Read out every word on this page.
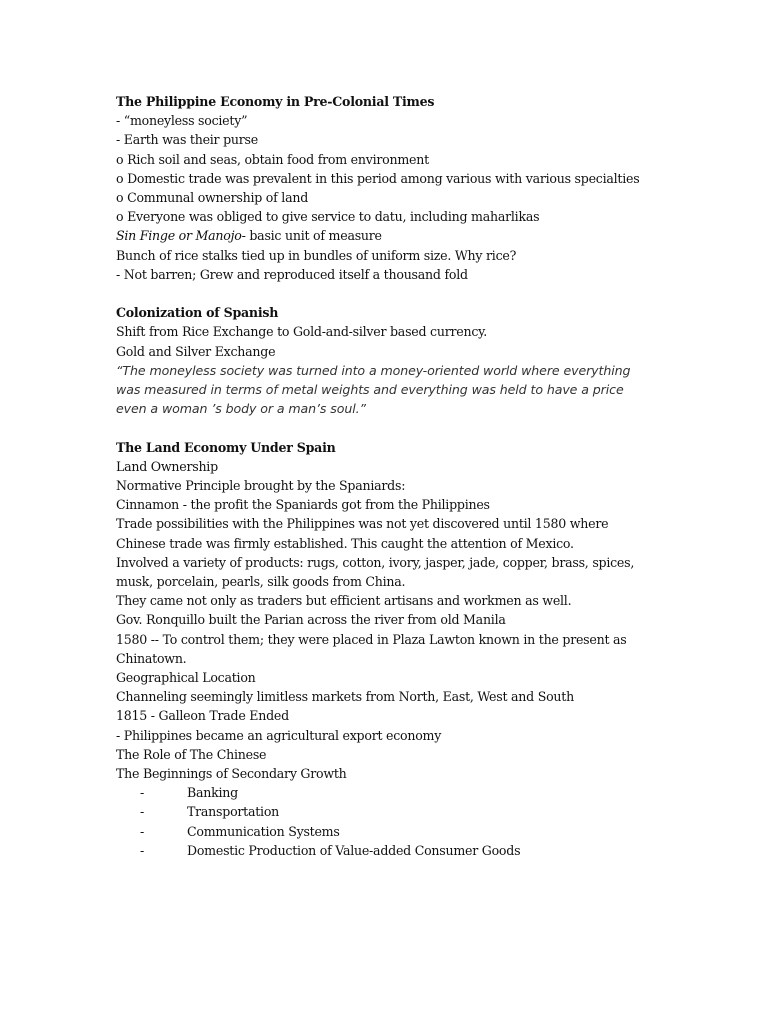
The Philippine Economy in Pre-Colonial Times
- “moneyless society”
- Earth was their purse
o Rich soil and seas, obtain food from environment
o Domestic trade was prevalent in this period among various with various specialties
o Communal ownership of land
o Everyone was obliged to give service to datu, including maharlikas
Sin Finge or Manojo- basic unit of measure
Bunch of rice stalks tied up in bundles of uniform size. Why rice?
- Not barren; Grew and reproduced itself a thousand fold
Colonization of Spanish
Shift from Rice Exchange to Gold-and-silver based currency.
Gold and Silver Exchange
“The moneyless society was turned into a money-oriented world where everything was measured in terms of metal weights and everything was held to have a price even a woman ’s body or a man’s soul.”
The Land Economy Under Spain
Land Ownership
Normative Principle brought by the Spaniards:
Cinnamon - the profit the Spaniards got from the Philippines
Trade possibilities with the Philippines was not yet discovered until 1580 where
Chinese trade was firmly established. This caught the attention of Mexico.
Involved a variety of products: rugs, cotton, ivory, jasper, jade, copper, brass, spices,
musk, porcelain, pearls, silk goods from China.
They came not only as traders but efficient artisans and workmen as well.
Gov. Ronquillo built the Parian across the river from old Manila
1580 -- To control them; they were placed in Plaza Lawton known in the present as
Chinatown.
Geographical Location
Channeling seemingly limitless markets from North, East, West and South
1815 - Galleon Trade Ended
- Philippines became an agricultural export economy
The Role of The Chinese
The Beginnings of Secondary Growth
-	Banking
-	Transportation
-	Communication Systems
-	Domestic Production of Value-added Consumer Goods
